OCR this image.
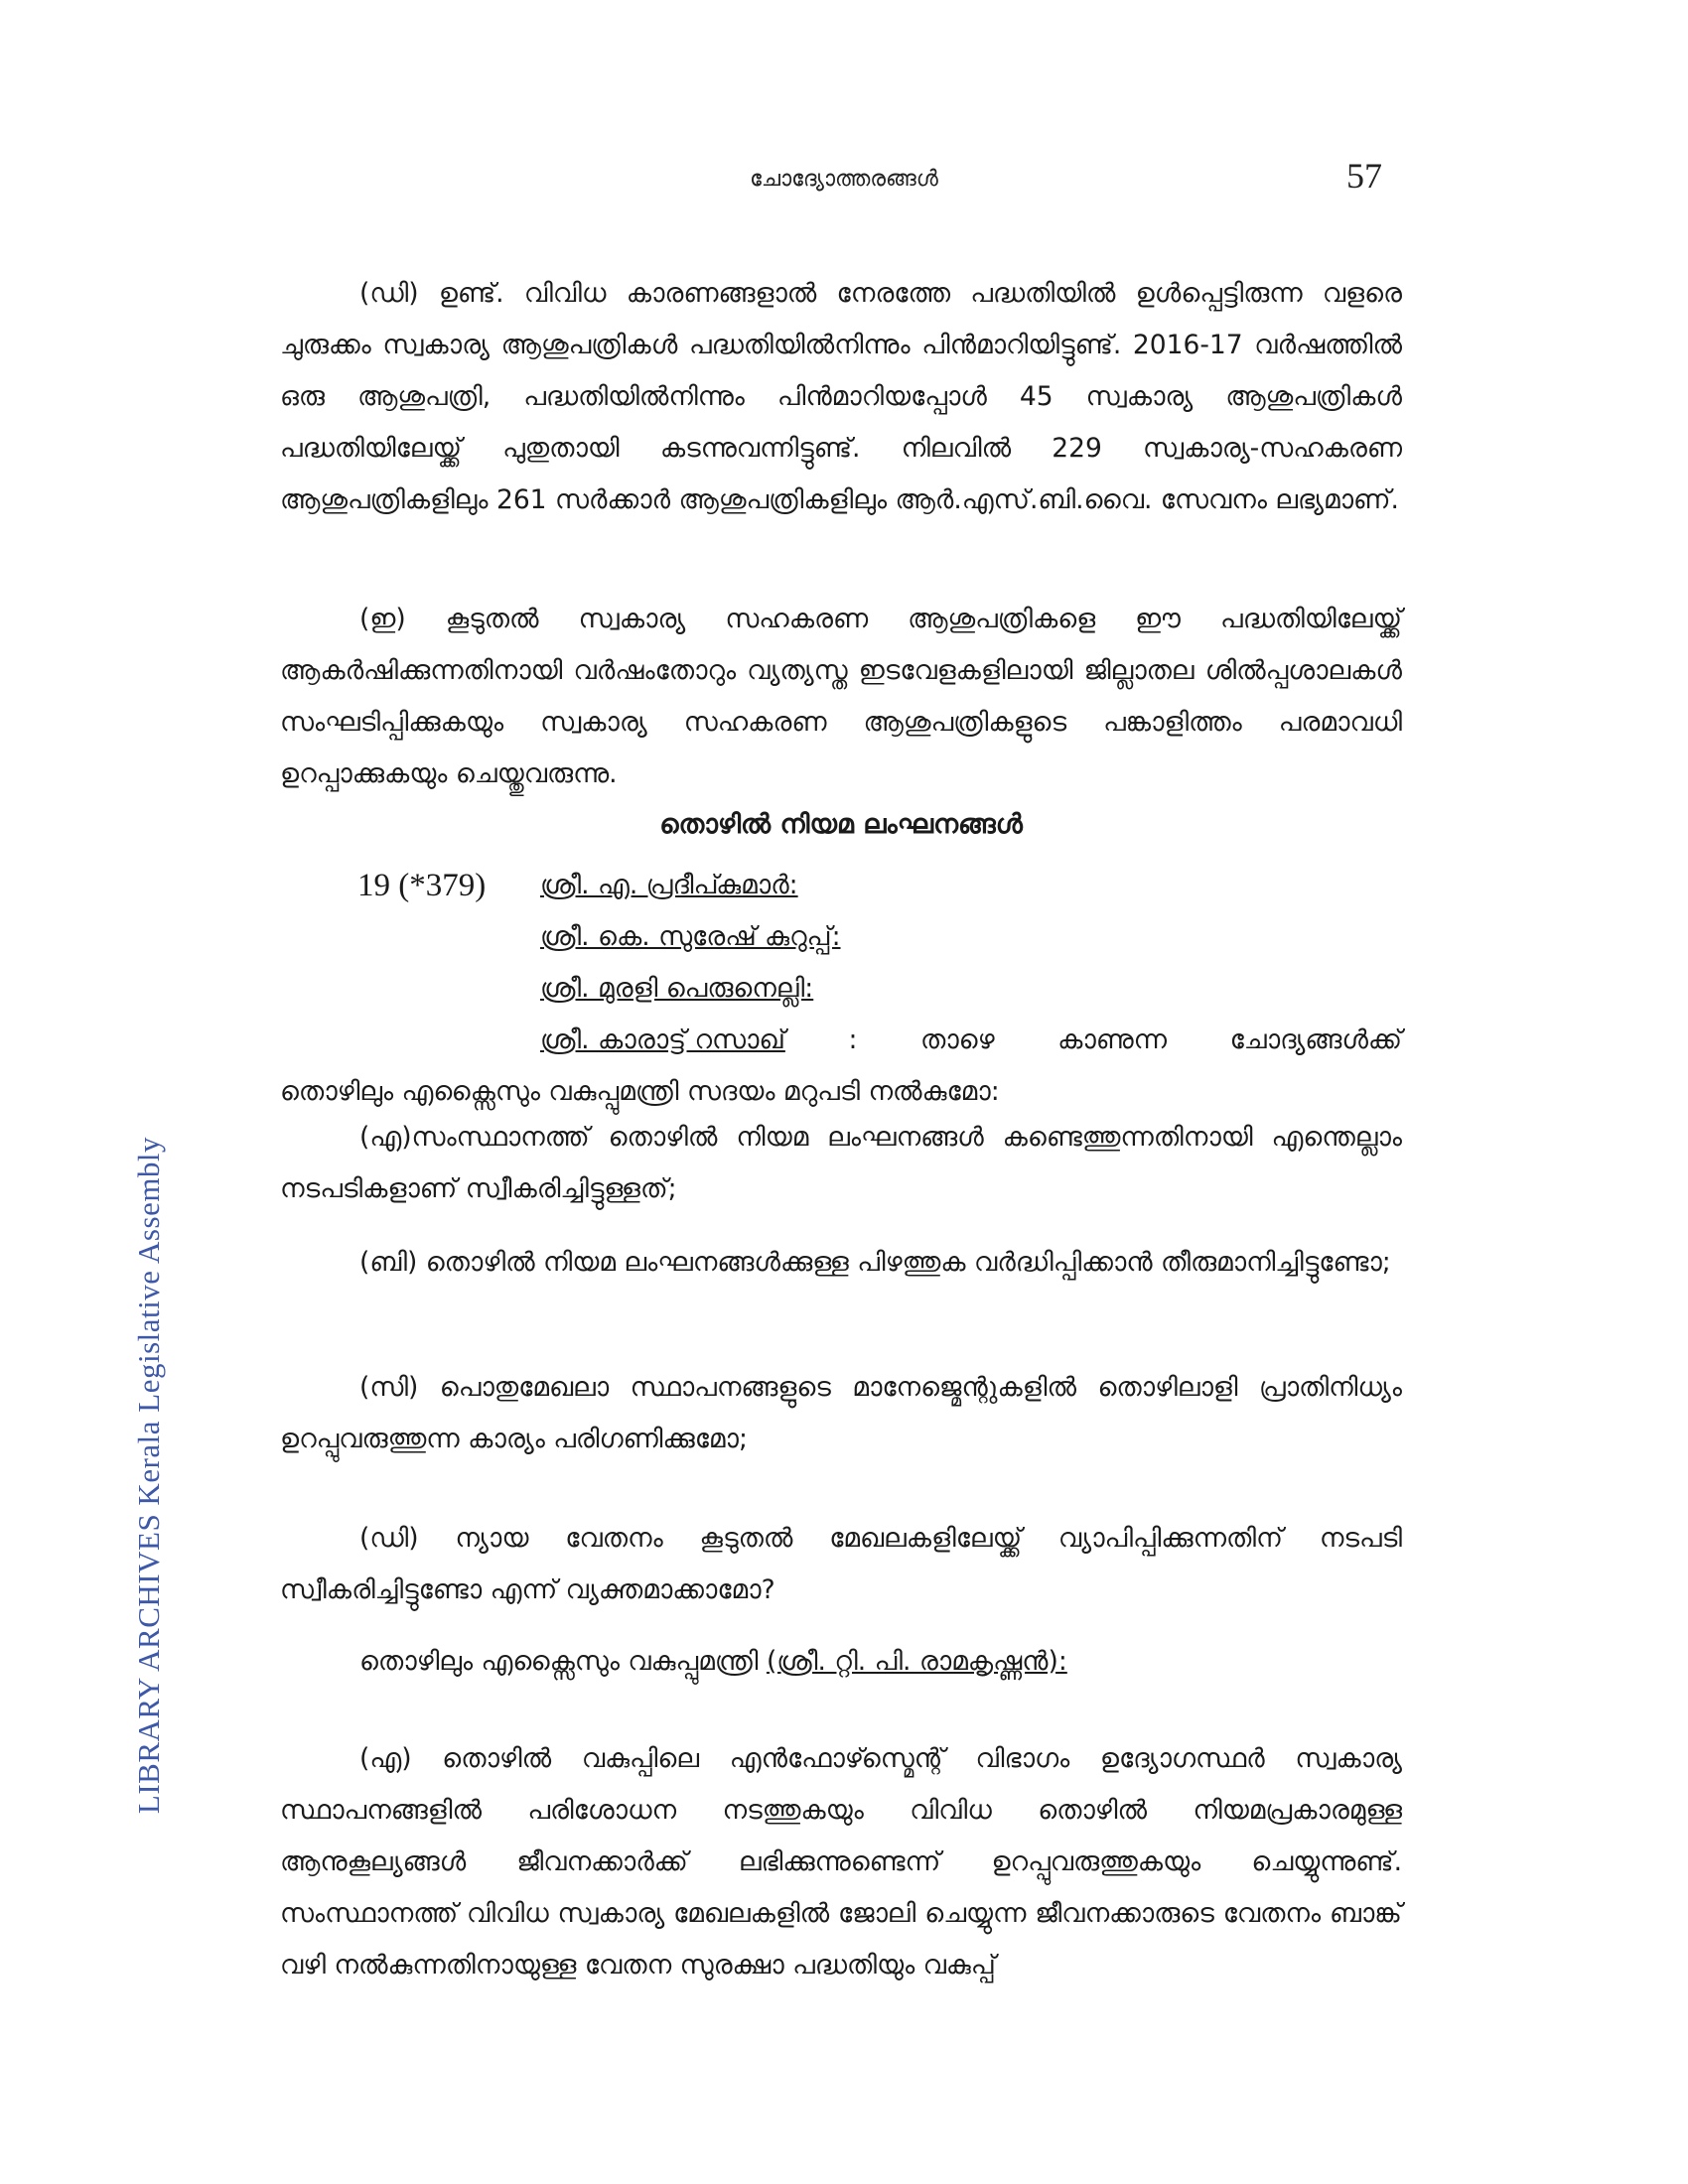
ചോദ്യോത്തരങ്ങൾ	57
LIBRARY ARCHIVES Kerala Legislative Assembly
(ഡി) ഉണ്ട്. വിവിധ കാരണങ്ങളാൽ നേരത്തേ പദ്ധതിയിൽ ഉൾപ്പെട്ടിരുന്ന വളരെ ചുരുക്കം സ്വകാര്യ ആശുപത്രികൾ പദ്ധതിയിൽനിന്നും പിൻമാറിയിട്ടുണ്ട്. 2016-17 വർഷത്തിൽ ഒരു ആശുപത്രി, പദ്ധതിയിൽനിന്നും പിൻമാറിയപ്പോൾ 45 സ്വകാര്യ ആശുപത്രികൾ പദ്ധതിയിലേയ്ക്ക് പുതുതായി കടന്നുവന്നിട്ടുണ്ട്. നിലവിൽ 229 സ്വകാര്യ-സഹകരണ ആശുപത്രികളിലും 261 സർക്കാർ ആശുപത്രികളിലും ആർ.എസ്.ബി.വൈ. സേവനം ലഭ്യമാണ്.
(ഇ) കൂടുതൽ സ്വകാര്യ സഹകരണ ആശുപത്രികളെ ഈ പദ്ധതിയിലേയ്ക്ക് ആകർഷിക്കുന്നതിനായി വർഷംതോറും വ്യത്യസ്ത ഇടവേളകളിലായി ജില്ലാതല ശിൽപ്പശാലകൾ സംഘടിപ്പിക്കുകയും സ്വകാര്യ സഹകരണ ആശുപത്രികളുടെ പങ്കാളിത്തം പരമാവധി ഉറപ്പാക്കുകയും ചെയ്തുവരുന്നു.
തൊഴിൽ നിയമ ലംഘനങ്ങൾ
19 (*379) ശ്രീ. എ. പ്രദീപ്കുമാർ:
ശ്രീ. കെ. സുരേഷ് കുറുപ്പ്:
ശ്രീ. മുരളി പെരുനെല്ലി:
ശ്രീ. കാരാട്ട് റസാഖ് : താഴെ കാണുന്ന ചോദ്യങ്ങൾക്ക്
തൊഴിലും എക്സൈസും വകുപ്പുമന്ത്രി സദയം മറുപടി നൽകുമോ:
(എ)സംസ്ഥാനത്ത് തൊഴിൽ നിയമ ലംഘനങ്ങൾ കണ്ടെത്തുന്നതിനായി എന്തെല്ലാം നടപടികളാണ് സ്വീകരിച്ചിട്ടുള്ളത്;
(ബി) തൊഴിൽ നിയമ ലംഘനങ്ങൾക്കുള്ള പിഴത്തുക വർദ്ധിപ്പിക്കാൻ തീരുമാനിച്ചിട്ടുണ്ടോ;
(സി) പൊതുമേഖലാ സ്ഥാപനങ്ങളുടെ മാനേജ്മെന്റുകളിൽ തൊഴിലാളി പ്രാതിനിധ്യം ഉറപ്പുവരുത്തുന്ന കാര്യം പരിഗണിക്കുമോ;
(ഡി) ന്യായ വേതനം കൂടുതൽ മേഖലകളിലേയ്ക്ക് വ്യാപിപ്പിക്കുന്നതിന് നടപടി സ്വീകരിച്ചിട്ടുണ്ടോ എന്ന് വ്യക്തമാക്കാമോ?
തൊഴിലും എക്സൈസും വകുപ്പുമന്ത്രി (ശ്രീ. റ്റി. പി. രാമകൃഷ്ണൻ):
(എ) തൊഴിൽ വകുപ്പിലെ എൻഫോഴ്സ്മെന്റ് വിഭാഗം ഉദ്യോഗസ്ഥർ സ്വകാര്യ സ്ഥാപനങ്ങളിൽ പരിശോധന നടത്തുകയും വിവിധ തൊഴിൽ നിയമപ്രകാരമുള്ള ആനുകൂല്യങ്ങൾ ജീവനക്കാർക്ക് ലഭിക്കുന്നുണ്ടെന്ന് ഉറപ്പുവരുത്തുകയും ചെയ്യുന്നുണ്ട്. സംസ്ഥാനത്ത് വിവിധ സ്വകാര്യ മേഖലകളിൽ ജോലി ചെയ്യുന്ന ജീവനക്കാരുടെ വേതനം ബാങ്ക് വഴി നൽകുന്നതിനായുള്ള വേതന സുരക്ഷാ പദ്ധതിയും വകുപ്പ്
